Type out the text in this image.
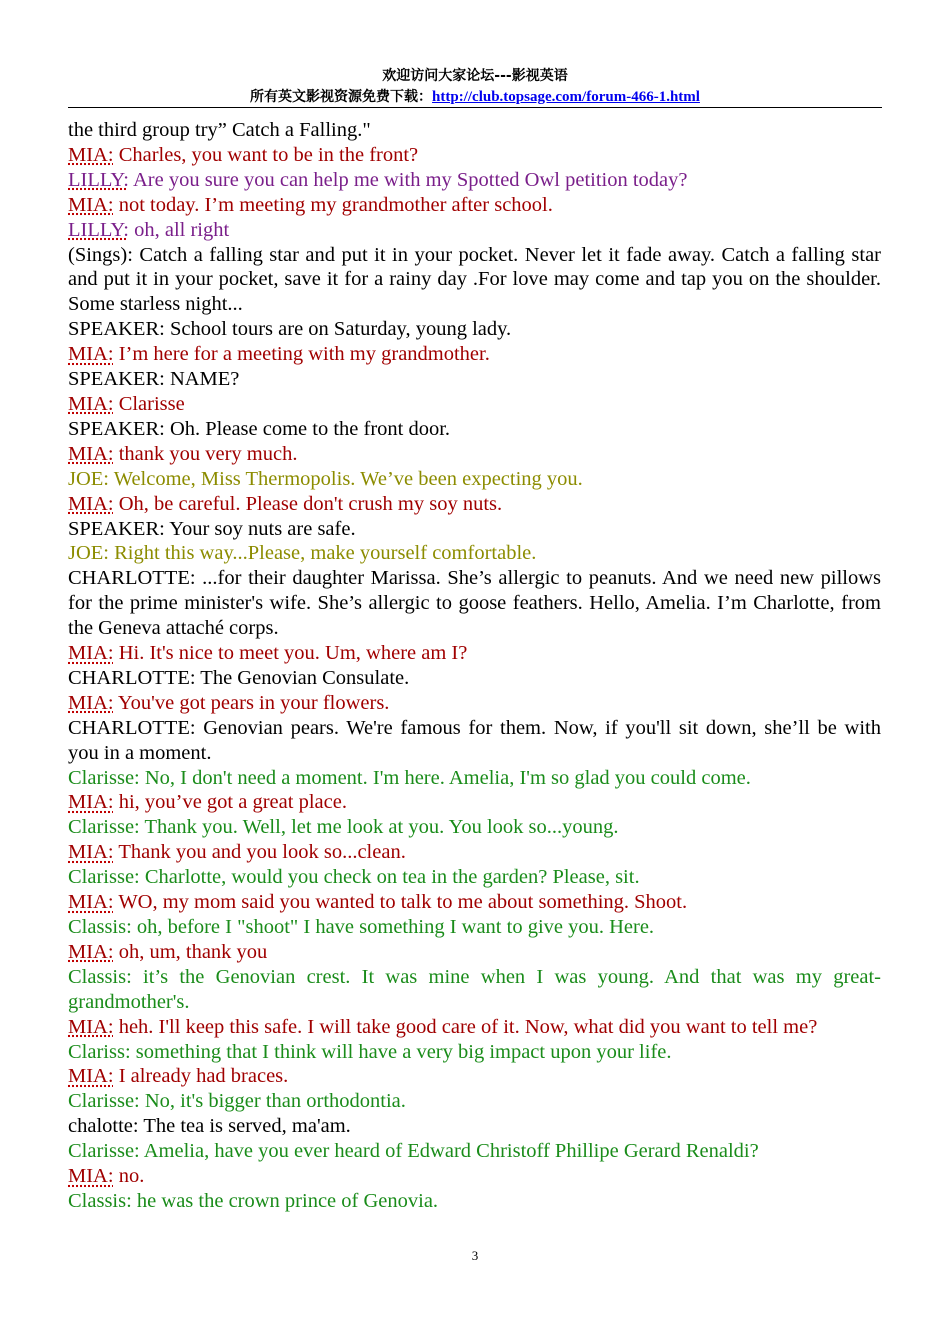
欢迎访问大家论坛---影视英语
所有英文影视资源免费下载：http://club.topsage.com/forum-466-1.html

the third group try” Catch a Falling."

MIA: Charles, you want to be in the front?

LILLY: Are you sure you can help me with my Spotted Owl petition today?

MIA: not today. I’m meeting my grandmother after school.

LILLY: oh, all right

(Sings): Catch a falling star and put it in your pocket. Never let it fade away. Catch a falling star and put it in your pocket, save it for a rainy day .For love may come and tap you on the shoulder. Some starless night...

SPEAKER: School tours are on Saturday, young lady.

MIA: I’m here for a meeting with my grandmother.

SPEAKER: NAME?

MIA: Clarisse

SPEAKER: Oh. Please come to the front door.

MIA: thank you very much.

JOE: Welcome, Miss Thermopolis. We’ve been expecting you.

MIA: Oh, be careful. Please don't crush my soy nuts.

SPEAKER: Your soy nuts are safe.

JOE: Right this way...Please, make yourself comfortable.

CHARLOTTE: ...for their daughter Marissa. She’s allergic to peanuts. And we need new pillows for the prime minister's wife. She’s allergic to goose feathers. Hello, Amelia. I’m Charlotte, from the Geneva attaché corps.

MIA: Hi. It's nice to meet you. Um, where am I?

CHARLOTTE: The Genovian Consulate.

MIA: You've got pears in your flowers.

CHARLOTTE: Genovian pears. We're famous for them. Now, if you'll sit down, she’ll be with you in a moment.

Clarisse: No, I don't need a moment. I'm here. Amelia, I'm so glad you could come.

MIA: hi, you’ve got a great place.

Clarisse: Thank you. Well, let me look at you. You look so...young.

MIA: Thank you and you look so...clean.

Clarisse: Charlotte, would you check on tea in the garden? Please, sit.

MIA: WO, my mom said you wanted to talk to me about something. Shoot.

Classis: oh, before I "shoot" I have something I want to give you. Here.

MIA: oh, um, thank you

Classis: it’s the Genovian crest. It was mine when I was young. And that was my great-grandmother's.

MIA: heh. I'll keep this safe. I will take good care of it. Now, what did you want to tell me?

Clariss: something that I think will have a very big impact upon your life.

MIA: I already had braces.

Clarisse: No, it's bigger than orthodontia.

chalotte: The tea is served, ma'am.

Clarisse: Amelia, have you ever heard of Edward Christoff Phillipe Gerard Renaldi?

MIA: no.

Classis: he was the crown prince of Genovia.

3
